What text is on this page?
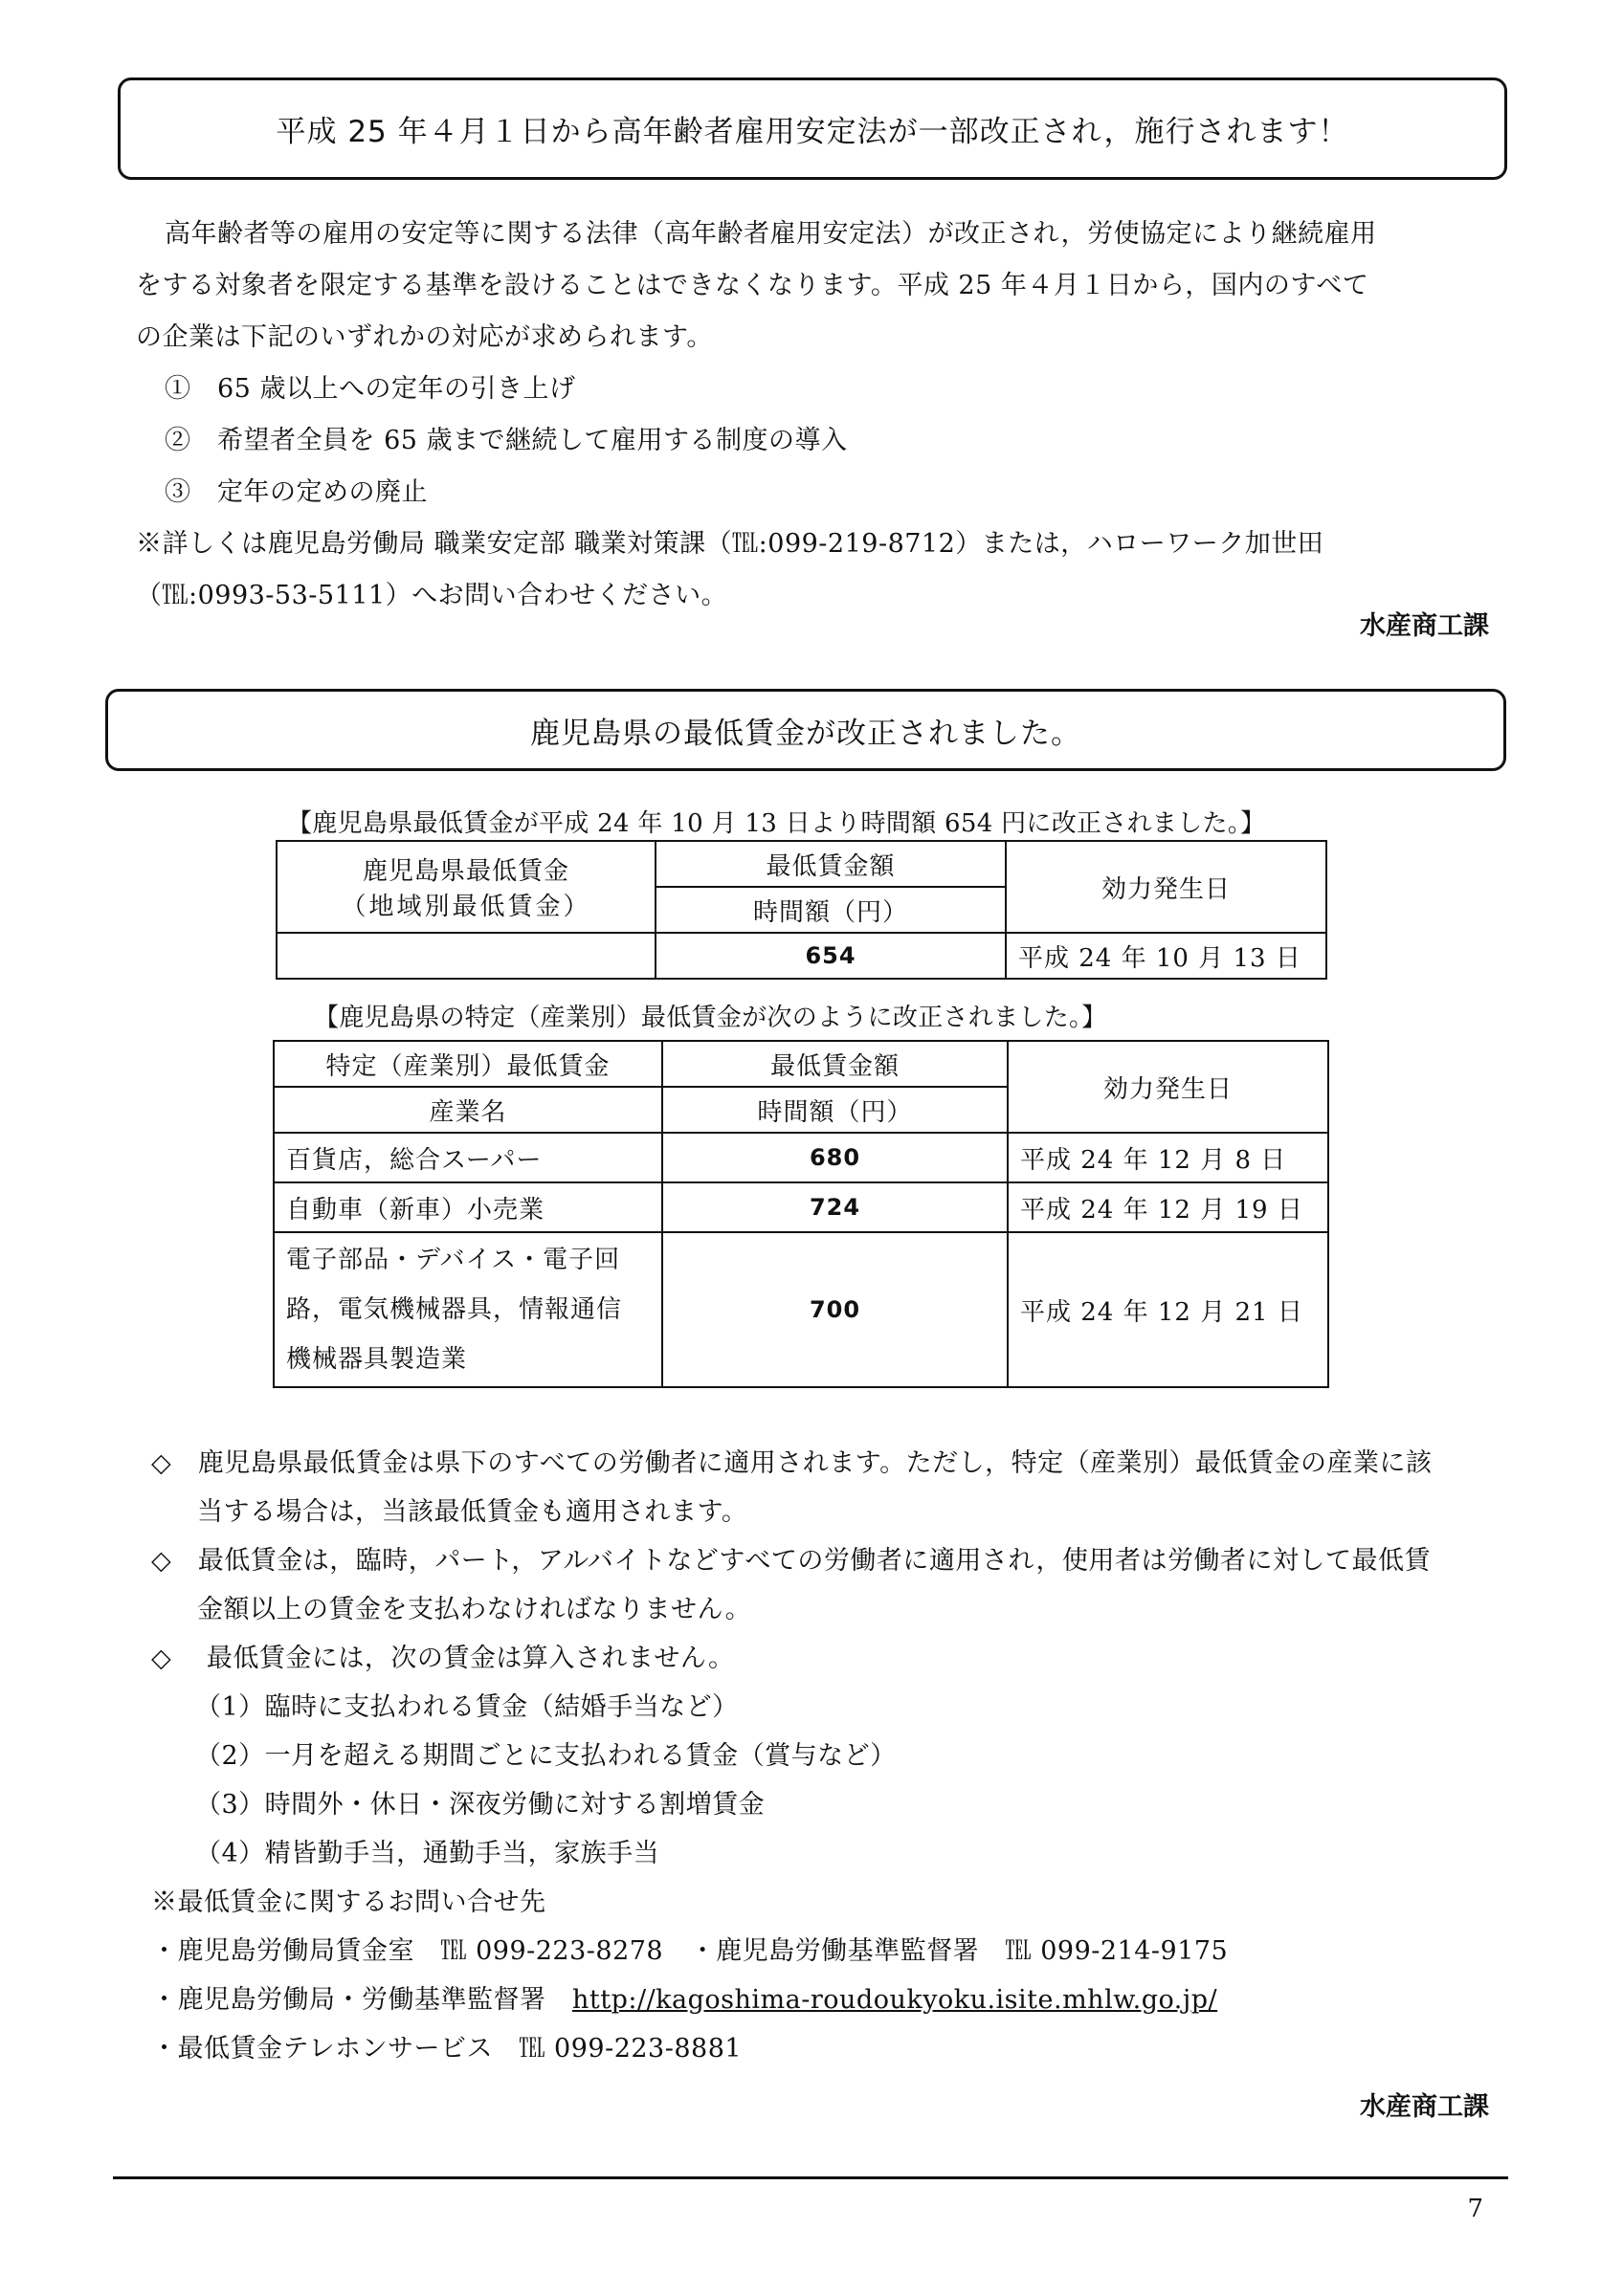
平成 25 年４月１日から高年齢者雇用安定法が一部改正され，施行されます！

高年齢者等の雇用の安定等に関する法律（高年齢者雇用安定法）が改正され，労使協定により継続雇用

をする対象者を限定する基準を設けることはできなくなります。平成 25 年４月１日から，国内のすべて

の企業は下記のいずれかの対応が求められます。

①　65 歳以上への定年の引き上げ

②　希望者全員を 65 歳まで継続して雇用する制度の導入

③　定年の定めの廃止

※詳しくは鹿児島労働局 職業安定部 職業対策課（℡:099-219-8712）または，ハローワーク加世田

（℡:0993-53-5111）へお問い合わせください。

水産商工課
鹿児島県の最低賃金が改正されました。
【鹿児島県最低賃金が平成 24 年 10 月 13 日より時間額 654 円に改正されました。】
鹿児島県最低賃金
（地域別最低賃金）	最低賃金額	効力発生日
	時間額（円）	
	654	平成 24 年 10 月 13 日
【鹿児島県の特定（産業別）最低賃金が次のように改正されました。】
特定（産業別）最低賃金	最低賃金額	効力発生日
産業名	時間額（円）	
百貨店，総合スーパー	680	平成 24 年 12 月 8 日
自動車（新車）小売業	724	平成 24 年 12 月 19 日

電子部品・デバイス・電子回
路，電気機械器具，情報通信
機械器具製造業	700	平成 24 年 12 月 21 日

◇　鹿児島県最低賃金は県下のすべての労働者に適用されます。ただし，特定（産業別）最低賃金の産業に該当する場合は，当該最低賃金も適用されます。

◇　最低賃金は，臨時，パート，アルバイトなどすべての労働者に適用され，使用者は労働者に対して最低賃金額以上の賃金を支払わなければなりません。

◇　 最低賃金には，次の賃金は算入されません。

（1）臨時に支払われる賃金（結婚手当など）

（2）一月を超える期間ごとに支払われる賃金（賞与など）

（3）時間外・休日・深夜労働に対する割増賃金

（4）精皆勤手当，通勤手当，家族手当

※最低賃金に関するお問い合せ先

・鹿児島労働局賃金室　℡ 099-223-8278　・鹿児島労働基準監督署　℡ 099-214-9175

・鹿児島労働局・労働基準監督署　http://kagoshima-roudoukyoku.isite.mhlw.go.jp/

・最低賃金テレホンサービス　℡ 099-223-8881

水産商工課
7
